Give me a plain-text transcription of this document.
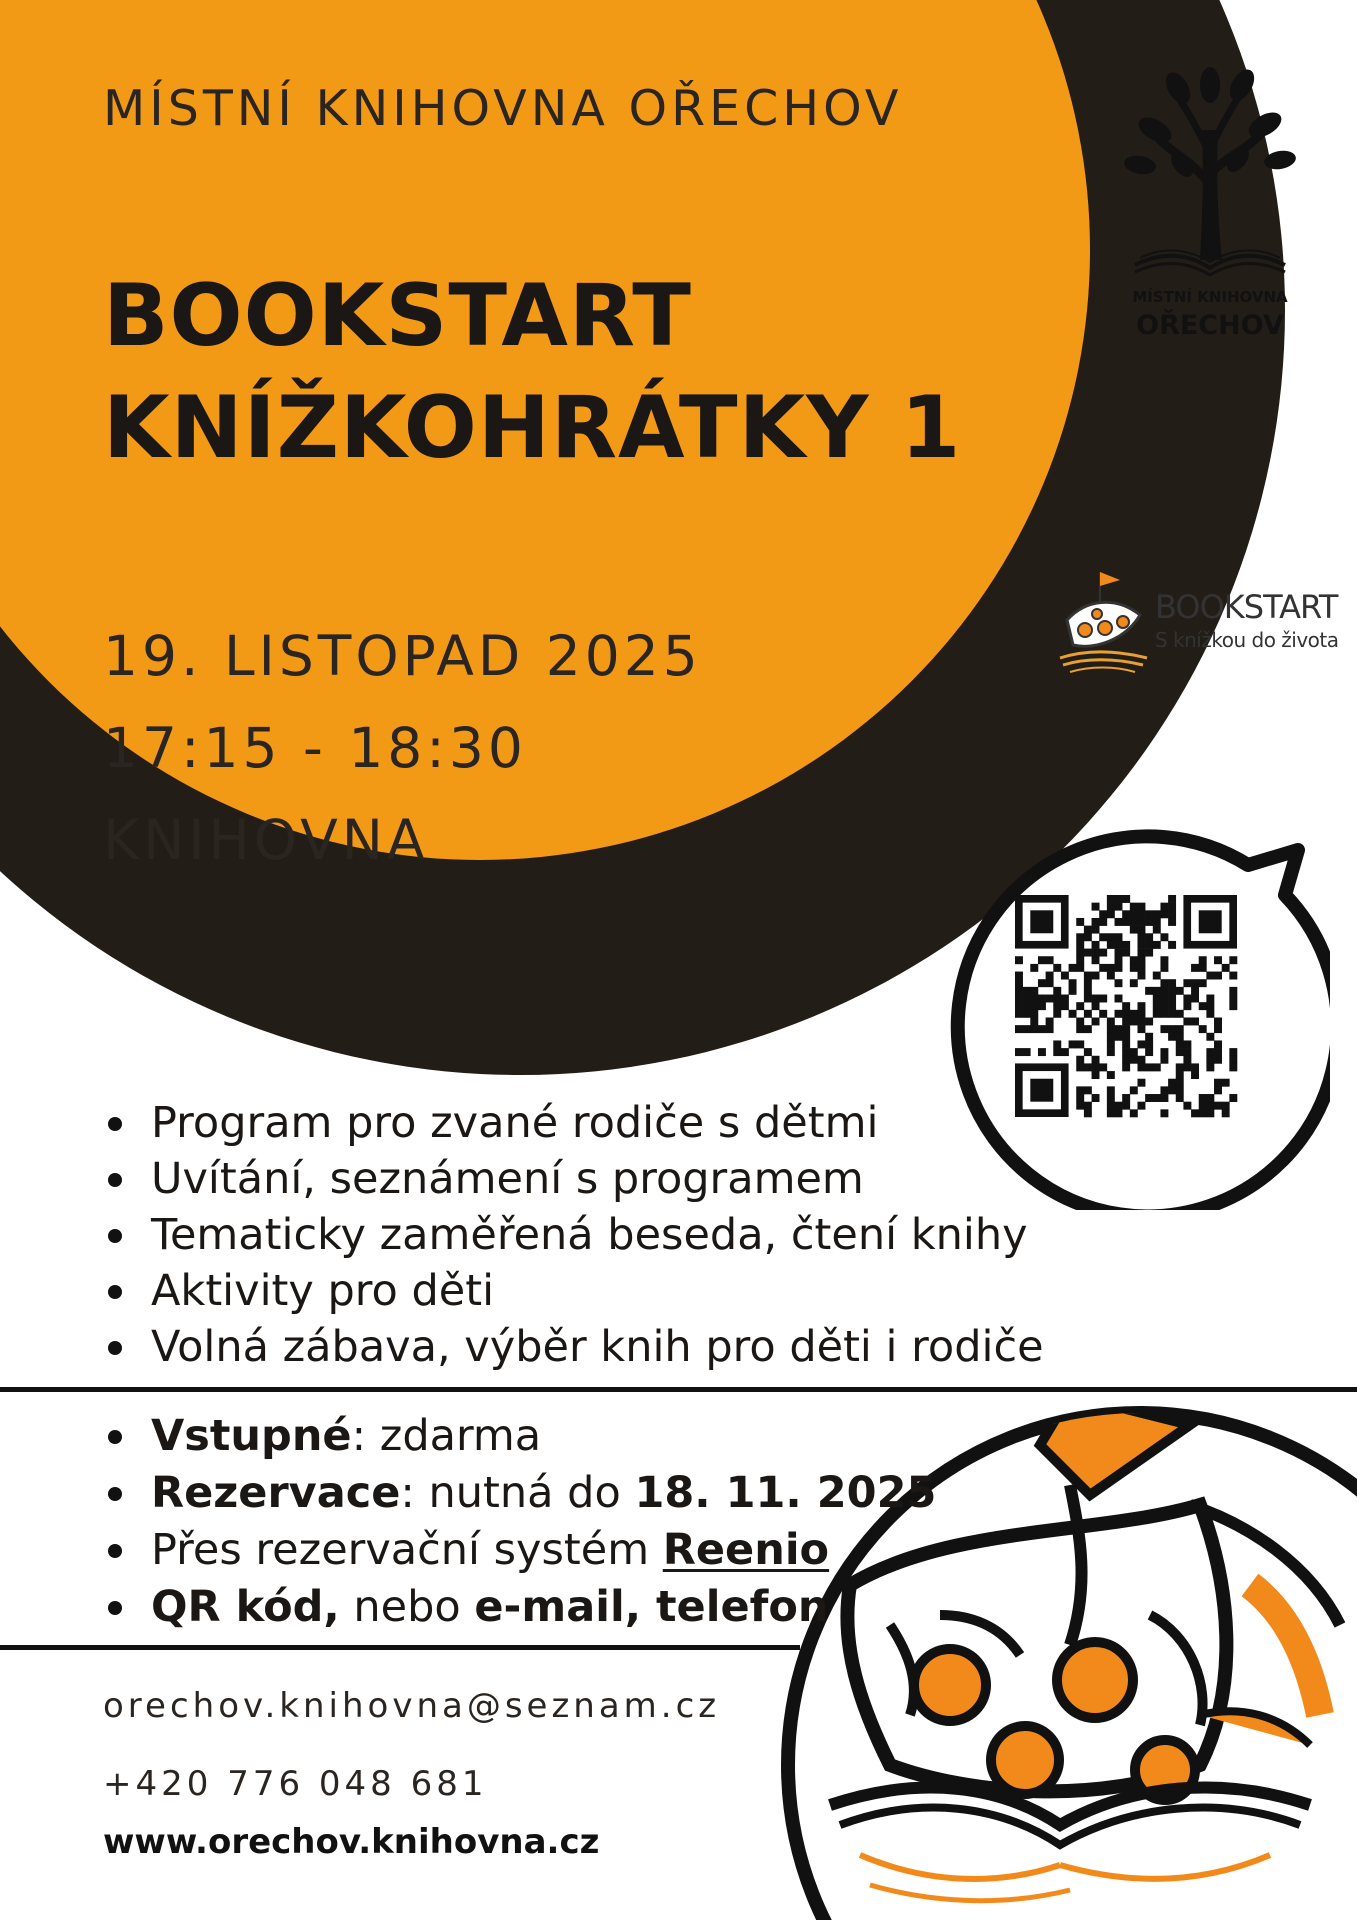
MÍSTNÍ KNIHOVNA OŘECHOV
BOOKSTART
KNÍŽKOHRÁTKY 1
19. LISTOPAD 2025
17:15 - 18:30
KNIHOVNA
MÍSTNÍ KNIHOVNA
OŘECHOV
BOOKSTART
S knížkou do života
Program pro zvané rodiče s dětmi
Uvítání, seznámení s programem
Tematicky zaměřená beseda, čtení knihy
Aktivity pro děti
Volná zábava, výběr knih pro děti i rodiče
Vstupné: zdarma
Rezervace: nutná do 18. 11. 2025
Přes rezervační systém Reenio
QR kód, nebo e-mail, telefon
orechov.knihovna@seznam.cz
+420 776 048 681
www.orechov.knihovna.cz
